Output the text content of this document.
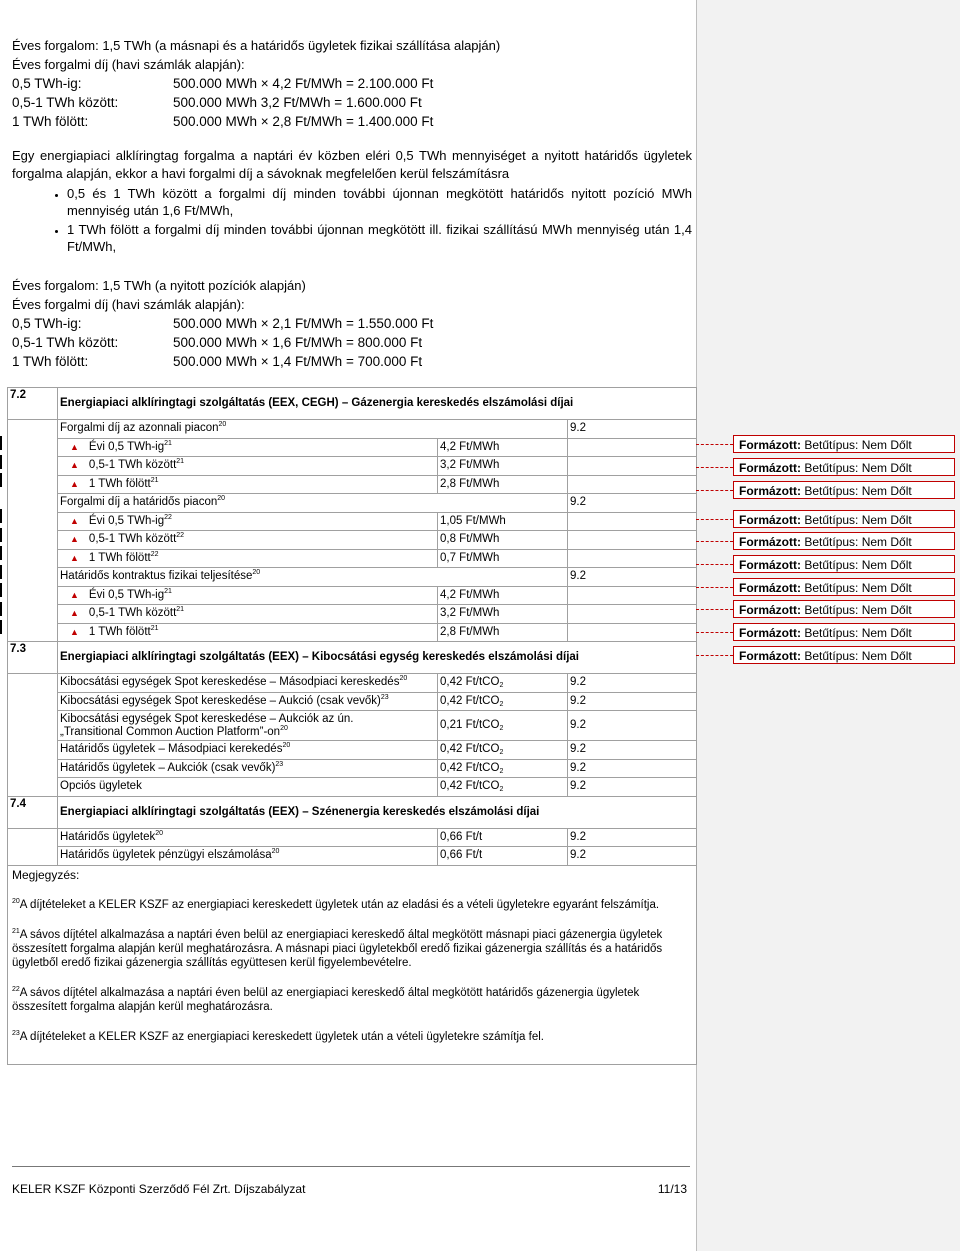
Éves forgalom: 1,5 TWh (a másnapi és a határidős ügyletek fizikai szállítása alapján)
Éves forgalmi díj (havi számlák alapján):
0,5 TWh-ig:	500.000 MWh × 4,2 Ft/MWh = 2.100.000 Ft
0,5-1 TWh között:	500.000 MWh 3,2 Ft/MWh = 1.600.000 Ft
1 TWh fölött:	500.000 MWh × 2,8 Ft/MWh = 1.400.000 Ft
Egy energiapiaci alklíringtag forgalma a naptári év közben eléri 0,5 TWh mennyiséget a nyitott határidős ügyletek forgalma alapján, ekkor a havi forgalmi díj a sávoknak megfelelően kerül felszámításra
• 0,5 és 1 TWh között a forgalmi díj minden további újonnan megkötött határidős nyitott pozíció MWh mennyiség után 1,6 Ft/MWh,
• 1 TWh fölött a forgalmi díj minden további újonnan megkötött ill. fizikai szállítású MWh mennyiség után 1,4 Ft/MWh,
Éves forgalom: 1,5 TWh (a nyitott pozíciók alapján)
Éves forgalmi díj (havi számlák alapján):
0,5 TWh-ig:	500.000 MWh × 2,1 Ft/MWh = 1.550.000 Ft
0,5-1 TWh között:	500.000 MWh × 1,6 Ft/MWh = 800.000 Ft
1 TWh fölött:	500.000 MWh × 1,4 Ft/MWh = 700.000 Ft
7.2	Energiapiaci alklíringtagi szolgáltatás (EEX, CEGH) – Gázenergia kereskedés elszámolási díjai		
	Forgalmi díj az azonnali piacon$^{20}$		9.2
	▲ Évi 0,5 TWh-$ig^{21}$	4,2 Ft/MWh	
	▲ 0,5-1 TWh között$^{21}$	3,2 Ft/MWh	
	▲ 1 TWh fölött$^{21}$	2,8 Ft/MWh	
	Forgalmi díj a határidős piacon$^{20}$		9.2
	▲ Évi 0,5 TWh-$ig^{22}$	1,05 Ft/MWh	
	▲ 0,5-1 TWh között$^{22}$	0,8 Ft/MWh	
	▲ 1 TWh fölött$^{22}$	0,7 Ft/MWh	
	Határidős kontraktus fizikai teljesítése$^{20}$		9.2
	▲ Évi 0,5 TWh-$ig^{21}$	4,2 Ft/MWh	
	▲ 0,5-1 TWh között$^{21}$	3,2 Ft/MWh	
	▲ 1 TWh fölött$^{21}$	2,8 Ft/MWh	
7.3	Energiapiaci alklíringtagi szolgáltatás (EEX) – Kibocsátási egység kereskedés elszámolási díjai		
	Kibocsátási egységek Spot kereskedése – Másodpiaci kereskedés$^{20}$	0,42 Ft/tCO$_2$	9.2
	Kibocsátási egységek Spot kereskedése – Aukció (csak vevők)$^{23}$	0,42 Ft/tCO$_2$	9.2
	Kibocsátási egységek Spot kereskedése – Aukciók az ún.
„Transitional Common Auction $Platform”-on^{20}$	0,21 Ft/tCO$_2$	9.2
	Határidős ügyletek – Másodpiaci kerekedés$^{20}$	0,42 Ft/tCO$_2$	9.2
	Határidős ügyletek – Aukciók (csak vevők)$^{23}$	0,42 Ft/tCO$_2$	9.2
	Opciós ügyletek	0,42 Ft/tCO$_2$	9.2
7.4	Energiapiaci alklíringtagi szolgáltatás (EEX) – Szénenergia kereskedés elszámolási díjai		
	Határidős ügyletek$^{20}$	0,66 Ft/t	9.2
	Határidős ügyletek pénzügyi elszámolása$^{20}$	0,66 Ft/t	9.2

Megjegyzés:

$^{20}$A díjtételeket a KELER KSZF az energiapiaci kereskedett ügyletek után az eladási és a vételi ügyletekre egyaránt felszámítja.

$^{21}$A sávos díjtétel alkalmazása a naptári éven belül az energiapiaci kereskedő által megkötött másnapi piaci gázenergia ügyletek összesített forgalma alapján kerül meghatározásra. A másnapi piaci ügyletekből eredő fizikai gázenergia szállítás és a határidős ügyletből eredő fizikai gázenergia szállítás együttesen kerül figyelembevételre.

$^{22}$A sávos díjtétel alkalmazása a naptári éven belül az energiapiaci kereskedő által megkötött határidős gázenergia ügyletek összesített forgalma alapján kerül meghatározásra.

$^{23}$A díjtételeket a KELER KSZF az energiapiaci kereskedett ügyletek után a vételi ügyletekre számítja fel.			

Formázott: Betűtípus: Nem Dőlt
Formázott: Betűtípus: Nem Dőlt
Formázott: Betűtípus: Nem Dőlt
Formázott: Betűtípus: Nem Dőlt
Formázott: Betűtípus: Nem Dőlt
Formázott: Betűtípus: Nem Dőlt
Formázott: Betűtípus: Nem Dőlt
Formázott: Betűtípus: Nem Dőlt
Formázott: Betűtípus: Nem Dőlt
Formázott: Betűtípus: Nem Dőlt
KELER KSZF Központi Szerződő Fél Zrt. Díjszabályzat	11/13
